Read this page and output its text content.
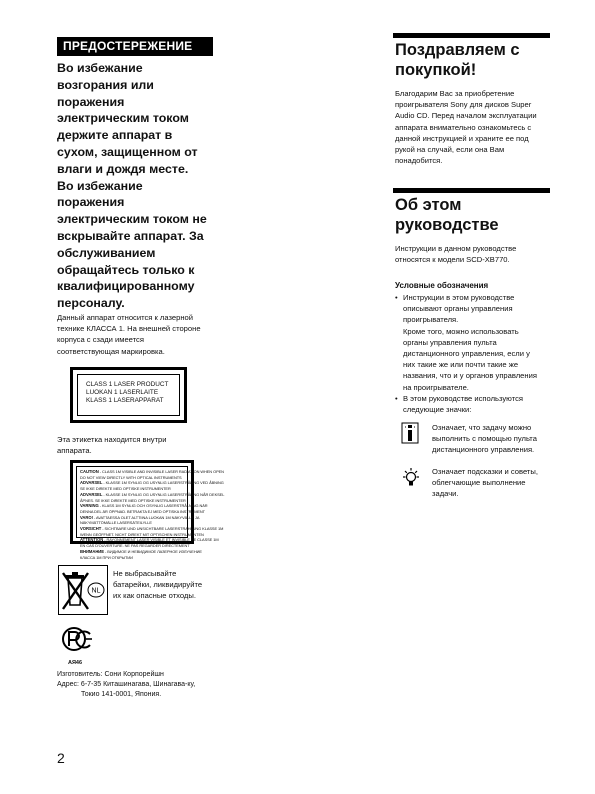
ПРЕДОСТЕРЕЖЕНИЕ

Во избежание
возгорания или
поражения
электрическим током
держите аппарат в
сухом, защищенном от
влаги и дождя месте.
Во избежание
поражения
электрическим током не
вскрывайте аппарат. За
обслуживанием
обращайтесь только к
квалифицированному
персоналу.

Данный аппарат относится к лазерной
технике КЛАССА 1. На внешней стороне
корпуса с сзади имеется
соответствующая маркировка.

CLASS 1 LASER PRODUCT
LUOKAN 1 LASERLAITE
KLASS 1 LASERAPPARAT

Эта этикетка находится внутри
аппарата.

CAUTION - CLASS 1M VISIBLE AND INVISIBLE LASER RADIATION WHEN OPEN
DO NOT VIEW DIRECTLY WITH OPTICAL INSTRUMENTS
ADVARSEL - KLASSE 1M SYNLIG OG USYNLIG LASERSTRÅLING VED ÅBNING
SE IKKE DIREKTE MED OPTISKE INSTRUMENTER
ADVARSEL - KLASSE 1M SYNLIG OG USYNLIG LASERSTRÅLING NÅR DEKSEL
ÅPNES. SE IKKE DIREKTE MED OPTISKE INSTRUMENTER
VARNING - KLASS 1M SYNLIG OCH OSYNLIG LASERSTRÅLNING NÄR
DENNA DEL ÄR ÖPPNAD. BETRAKTA EJ MED OPTISKA INSTRUMENT
VARO! - AVATTAESSA OLET ALTTIINA LUOKAN 1M NÄKYVÄLLE JA
NÄKYMÄTTÖMÄLLE LASERSÄTEILYLLE
VORSICHT - SICHTBARE UND UNSICHTBARE LASERSTRAHLUNG KLASSE 1M
WENN GEÖFFNET. NICHT DIREKT MIT OPTISCHEN INSTRUMENTEN
ATTENTION - RAYONNEMENT LASER VISIBLE ET INVISIBLE DE CLASSE 1M
EN CAS D'OUVERTURE. NE PAS REGARDER DIRECTEMENT
ВНИМАНИЕ - ВИДИМОЕ И НЕВИДИМОЕ ЛАЗЕРНОЕ ИЗЛУЧЕНИЕ
КЛАССА 1M ПРИ ОТКРЫТИИ
NL

Не выбрасывайте
батарейки, ликвидируйте
их как опасные отходы.

АЯ46

Изготовитель: Сони Корпорейшн
Адрес: 6-7-35 Киташинагава, Шинагава-ку,
Токио 141-0001, Япония.

2

Поздравляем с
покупкой!

Благодарим Вас за приобретение
проигрывателя Sony для дисков Super
Audio CD. Перед началом эксплуатации
аппарата внимательно ознакомьтесь с
данной инструкцией и храните ее под
рукой на случай, если она Вам
понадобится.

Об этом
руководстве

Инструкции в данном руководстве
относятся к модели SCD-XB770.

Условные обозначения

• Инструкции в этом руководстве
описывают органы управления
проигрывателя.
Кроме того, можно использовать
органы управления пульта
дистанционного управления, если у
них такие же или почти такие же
названия, что и у органов управления
на проигрывателе.
• В этом руководстве используются
следующие значки:

Означает, что задачу можно
выполнить с помощью пульта
дистанционного управления.

Означает подсказки и советы,
облегчающие выполнение
задачи.
